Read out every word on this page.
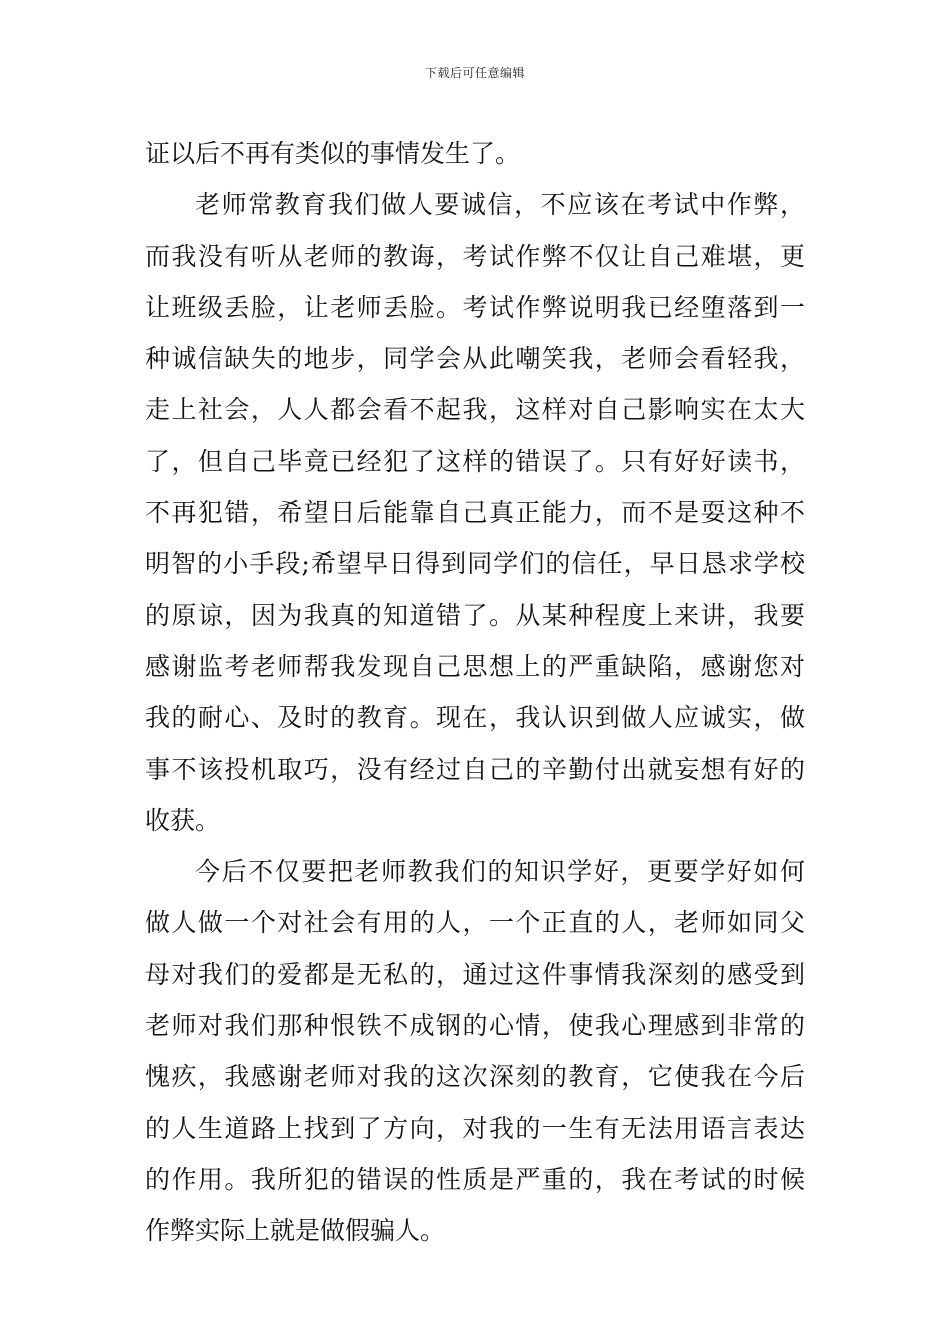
下载后可任意编辑
证以后不再有类似的事情发生了。
老师常教育我们做人要诚信，不应该在考试中作弊，
而我没有听从老师的教诲，考试作弊不仅让自己难堪，更
让班级丢脸，让老师丢脸。考试作弊说明我已经堕落到一
种诚信缺失的地步，同学会从此嘲笑我，老师会看轻我，
走上社会，人人都会看不起我，这样对自己影响实在太大
了，但自己毕竟已经犯了这样的错误了。只有好好读书，
不再犯错，希望日后能靠自己真正能力，而不是耍这种不
明智的小手段;希望早日得到同学们的信任，早日恳求学校
的原谅，因为我真的知道错了。从某种程度上来讲，我要
感谢监考老师帮我发现自己思想上的严重缺陷，感谢您对
我的耐心、及时的教育。现在，我认识到做人应诚实，做
事不该投机取巧，没有经过自己的辛勤付出就妄想有好的
收获。
今后不仅要把老师教我们的知识学好，更要学好如何
做人做一个对社会有用的人，一个正直的人，老师如同父
母对我们的爱都是无私的，通过这件事情我深刻的感受到
老师对我们那种恨铁不成钢的心情，使我心理感到非常的
愧疚，我感谢老师对我的这次深刻的教育，它使我在今后
的人生道路上找到了方向，对我的一生有无法用语言表达
的作用。我所犯的错误的性质是严重的，我在考试的时候
作弊实际上就是做假骗人。
